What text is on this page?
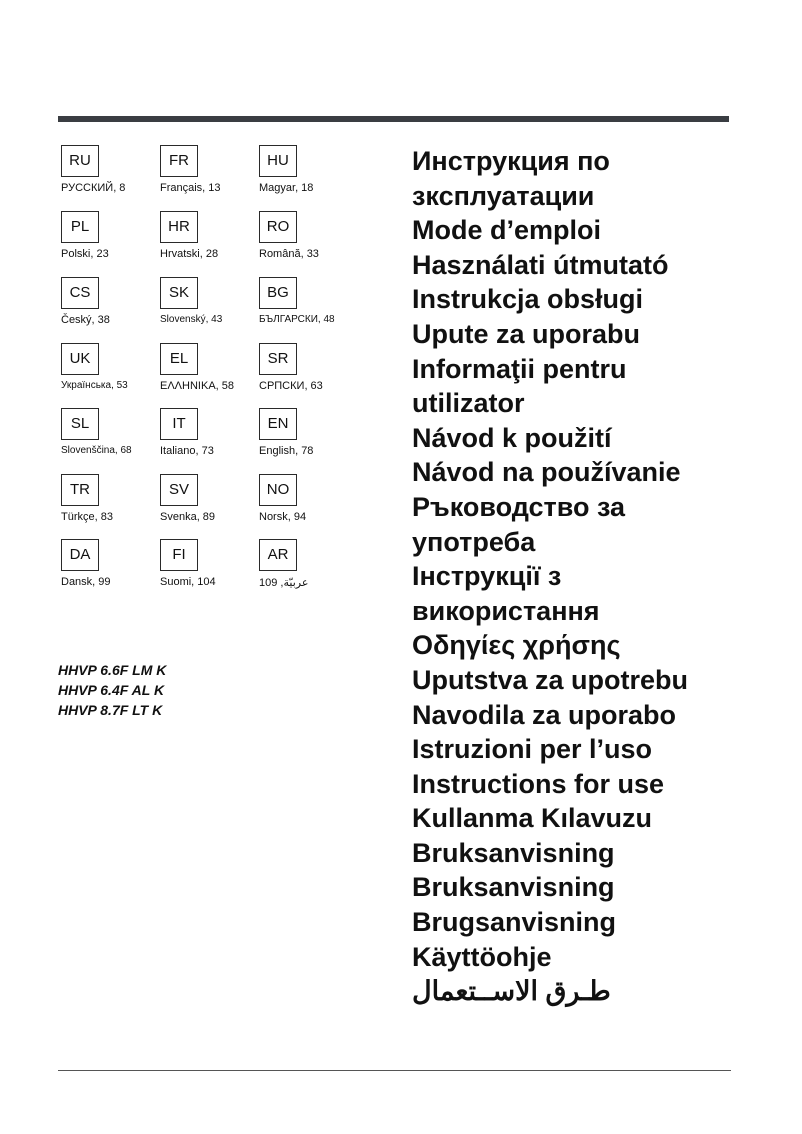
RU
РУССКИЙ, 8
FR
Français, 13
HU
Magyar, 18
PL
Polski, 23
HR
Hrvatski, 28
RO
Română, 33
CS
Český, 38
SK
Slovenský, 43
BG
БЪЛГАРСКИ, 48
UK
Українська, 53
EL
ΕΛΛΗΝΙΚΑ, 58
SR
СРПСКИ, 63
SL
Slovenščina, 68
IT
Italiano, 73
EN
English, 78
TR
Türkçe, 83
SV
Svenka, 89
NO
Norsk, 94
DA
Dansk, 99
FI
Suomi, 104
AR
عربيّة, 109
HHVP 6.6F LM K
HHVP 6.4F AL K
HHVP 8.7F LT K
Инструкция по
зксплуатации
Mode d’emploi
Használati útmutató
Instrukcja obsługi
Upute za uporabu
Informaţii pentru
utilizator
Návod k použití
Návod na používanie
Ръководство за
употреба
Інструкції з
використання
Οδηγίες χρήσης
Uputstva za upotrebu
Navodila za uporabo
Istruzioni per l’uso
Instructions for use
Kullanma Kılavuzu
Bruksanvisning
Bruksanvisning
Brugsanvisning
Käyttöohje
طـرق الاســتعمال
